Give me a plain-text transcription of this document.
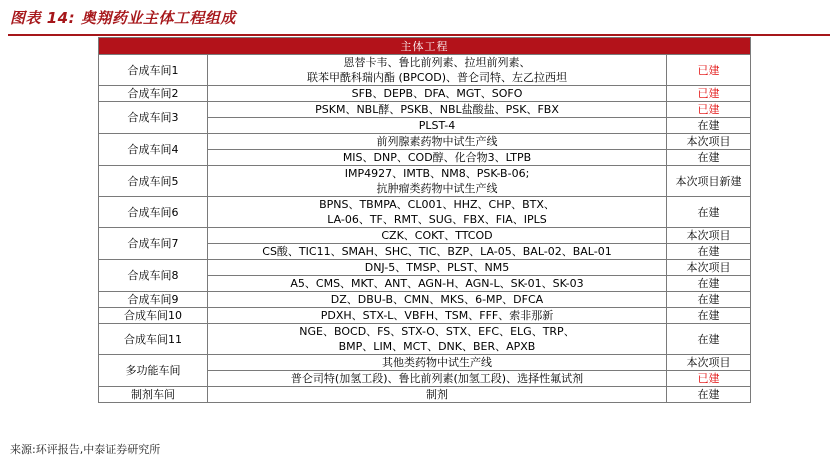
图表 14: 奥翔药业主体工程组成
主体工程		
合成车间1	恩替卡韦、鲁比前列素、拉坦前列素、
联苯甲酰科瑞内酯 (BPCOD)、普仑司特、左乙拉西坦	已建
合成车间2	SFB、DEPB、DFA、MGT、SOFO	已建
合成车间3	PSKM、NBL酵、PSKB、NBL盐酸盐、PSK、FBX	已建

	PLST-4	在建
合成车间4	前列腺素药物中试生产线	本次项目

	MIS、DNP、COD醇、化合物3、LTPB	在建
合成车间5	IMP4927、IMTB、NM8、PSK-B-06;
抗肿瘤类药物中试生产线	本次项目新建
合成车间6	BPNS、TBMPA、CL001、HHZ、CHP、BTX、
LA-06、TF、RMT、SUG、FBX、FIA、IPLS	在建
合成车间7	CZK、COKT、TTCOD	本次项目

	CS酸、TIC11、SMAH、SHC、TIC、BZP、LA-05、BAL-02、BAL-01	在建
合成车间8	DNJ-5、TMSP、PLST、NM5	本次项目

	A5、CMS、MKT、ANT、AGN-H、AGN-L、SK-01、SK-03	在建
合成车间9	DZ、DBU-B、CMN、MKS、6-MP、DFCA	在建
合成车间10	PDXH、STX-L、VBFH、TSM、FFF、索非那新	在建
合成车间11	NGE、BOCD、FS、STX-O、STX、EFC、ELG、TRP、
BMP、LIM、MCT、DNK、BER、APXB	在建
多功能车间	其他类药物中试生产线	本次项目

	普仑司特(加氢工段)、鲁比前列素(加氢工段)、选择性氟试剂	已建
制剂车间	制剂	在建
来源:环评报告,中泰证券研究所
